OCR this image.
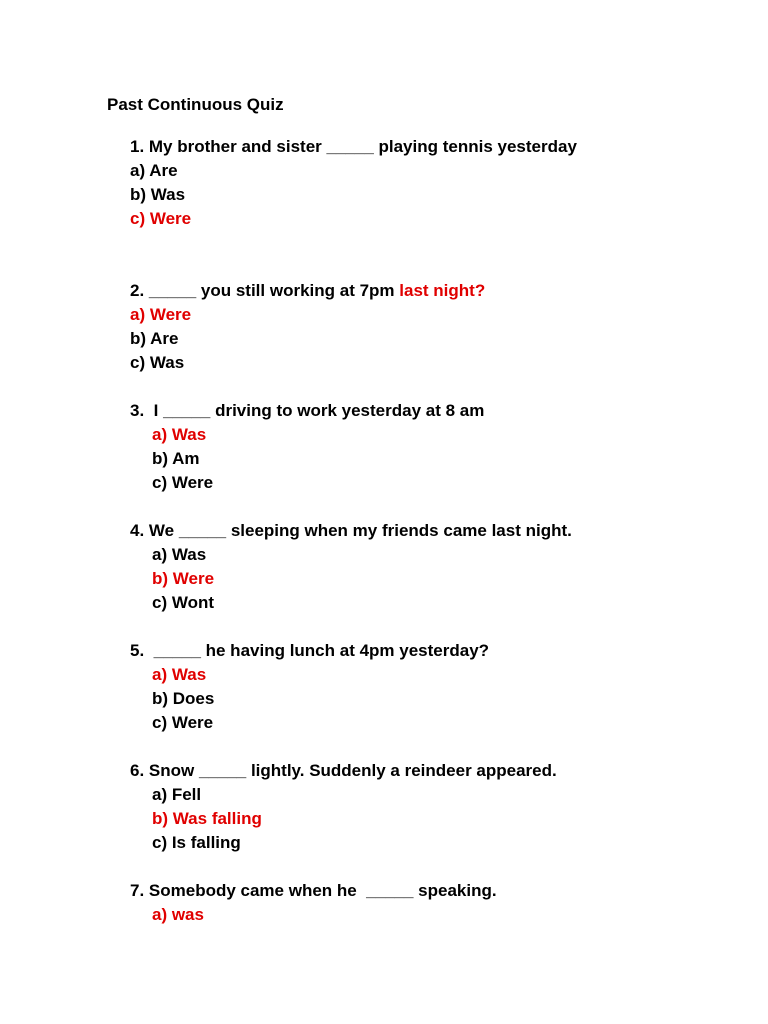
Past Continuous Quiz
1. My brother and sister _____ playing tennis yesterday
a) Are
b) Was
c) Were
2. _____ you still working at 7pm last night?
a) Were
b) Are
c) Was
3.  I _____ driving to work yesterday at 8 am
a) Was
b) Am
c) Were
4. We _____ sleeping when my friends came last night.
a) Was
b) Were
c) Wont
5.  _____ he having lunch at 4pm yesterday?
a) Was
b) Does
c) Were
6. Snow _____ lightly. Suddenly a reindeer appeared.
a) Fell
b) Was falling
c) Is falling
7. Somebody came when he  _____ speaking.
a) was
